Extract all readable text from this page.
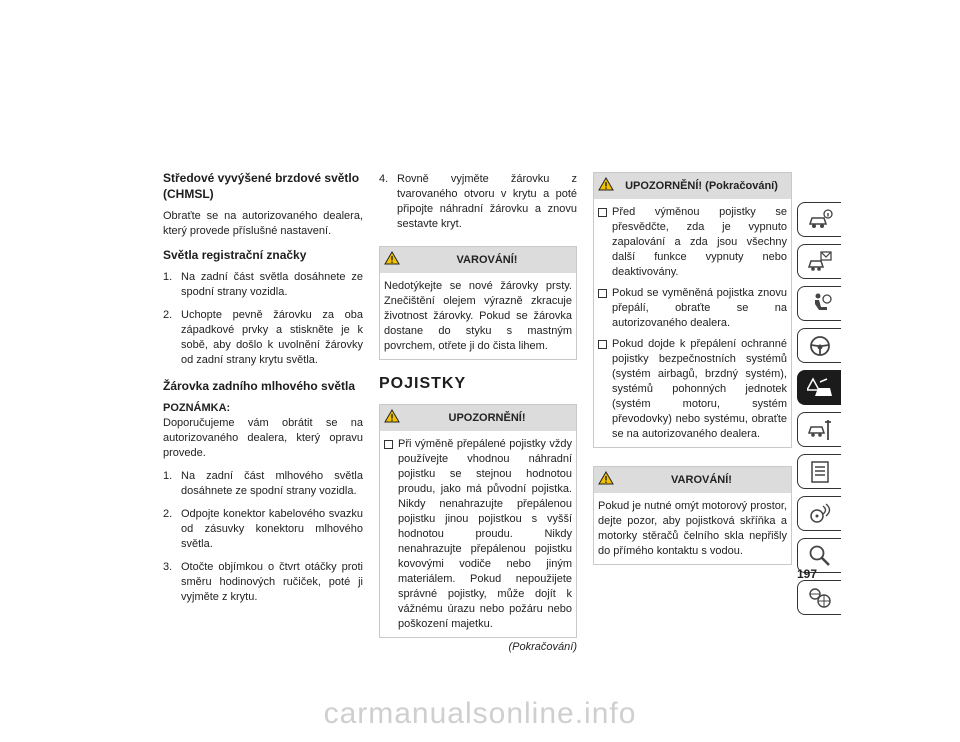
Středové vyvýšené brzdové světlo (CHMSL)

Obraťte se na autorizovaného dealera, který provede příslušné nastavení.

Světla registrační značky
1. Na zadní část světla dosáhnete ze spodní strany vozidla.
2. Uchopte pevně žárovku za oba západkové prvky a stiskněte je k sobě, aby došlo k uvolnění žárovky od zadní strany krytu světla.
Žárovka zadního mlhového světla
POZNÁMKA:

Doporučujeme vám obrátit se na autorizovaného dealera, který opravu provede.

1. Na zadní část mlhového světla dosáhnete ze spodní strany vozidla.
2. Odpojte konektor kabelového svazku od zásuvky konektoru mlhového světla.
3. Otočte objímkou o čtvrt otáčky proti směru hodinových ručiček, poté ji vyjměte z krytu.
4. Rovně vyjměte žárovku z tvarovaného otvoru v krytu a poté připojte náhradní žárovku a znovu sestavte kryt.
VAROVÁNÍ!
Nedotýkejte se nové žárovky prsty. Znečištění olejem výrazně zkracuje životnost žárovky. Pokud se žárovka dostane do styku s mastným povrchem, otřete ji do čista lihem.
POJISTKY
UPOZORNĚNÍ!
Při výměně přepálené pojistky vždy používejte vhodnou náhradní pojistku se stejnou hodnotou proudu, jako má původní pojistka. Nikdy nenahrazujte přepálenou pojistku jinou pojistkou s vyšší hodnotou proudu. Nikdy nenahrazujte přepálenou pojistku kovovými vodiče nebo jiným materiálem. Pokud nepoužijete správné pojistky, může dojít k vážnému úrazu nebo požáru nebo poškození majetku.
(Pokračování)
UPOZORNĚNÍ! (Pokračování)
Před výměnou pojistky se přesvědčte, zda je vypnuto zapalování a zda jsou všechny další funkce vypnuty nebo deaktivovány.
Pokud se vyměněná pojistka znovu přepálí, obraťte se na autorizovaného dealera.
Pokud dojde k přepálení ochranné pojistky bezpečnostních systémů (systém airbagů, brzdný systém), systémů pohonných jednotek (systém motoru, systém převodovky) nebo systému, obraťte se na autorizovaného dealera.
VAROVÁNÍ!
Pokud je nutné omýt motorový prostor, dejte pozor, aby pojistková skříňka a motorky stěračů čelního skla nepřišly do přímého kontaktu s vodou.
197
carmanualsonline.info
